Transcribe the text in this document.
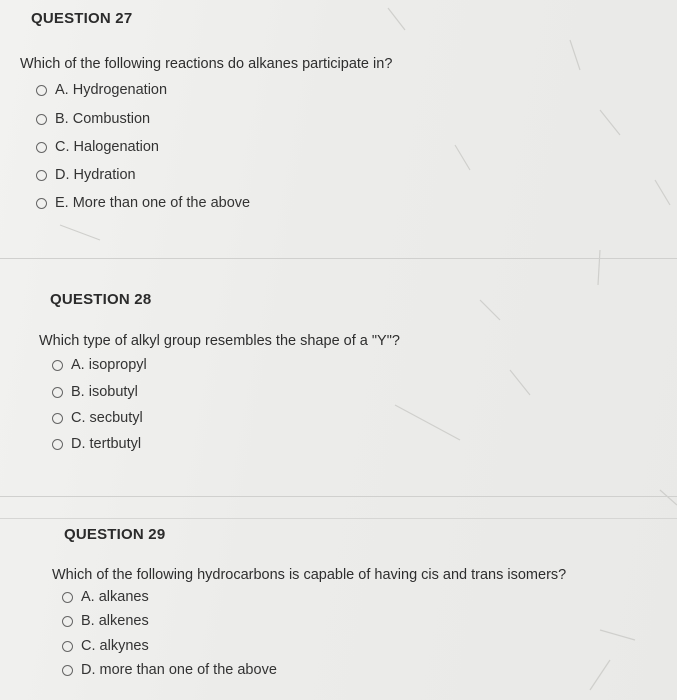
QUESTION 27
Which of the following reactions do alkanes participate in?
A. Hydrogenation
B. Combustion
C. Halogenation
D. Hydration
E. More than one of the above
QUESTION 28
Which type of alkyl group resembles the shape of a "Y"?
A. isopropyl
B. isobutyl
C. secbutyl
D. tertbutyl
QUESTION 29
Which of the following hydrocarbons is capable of having cis and trans isomers?
A. alkanes
B. alkenes
C. alkynes
D. more than one of the above
